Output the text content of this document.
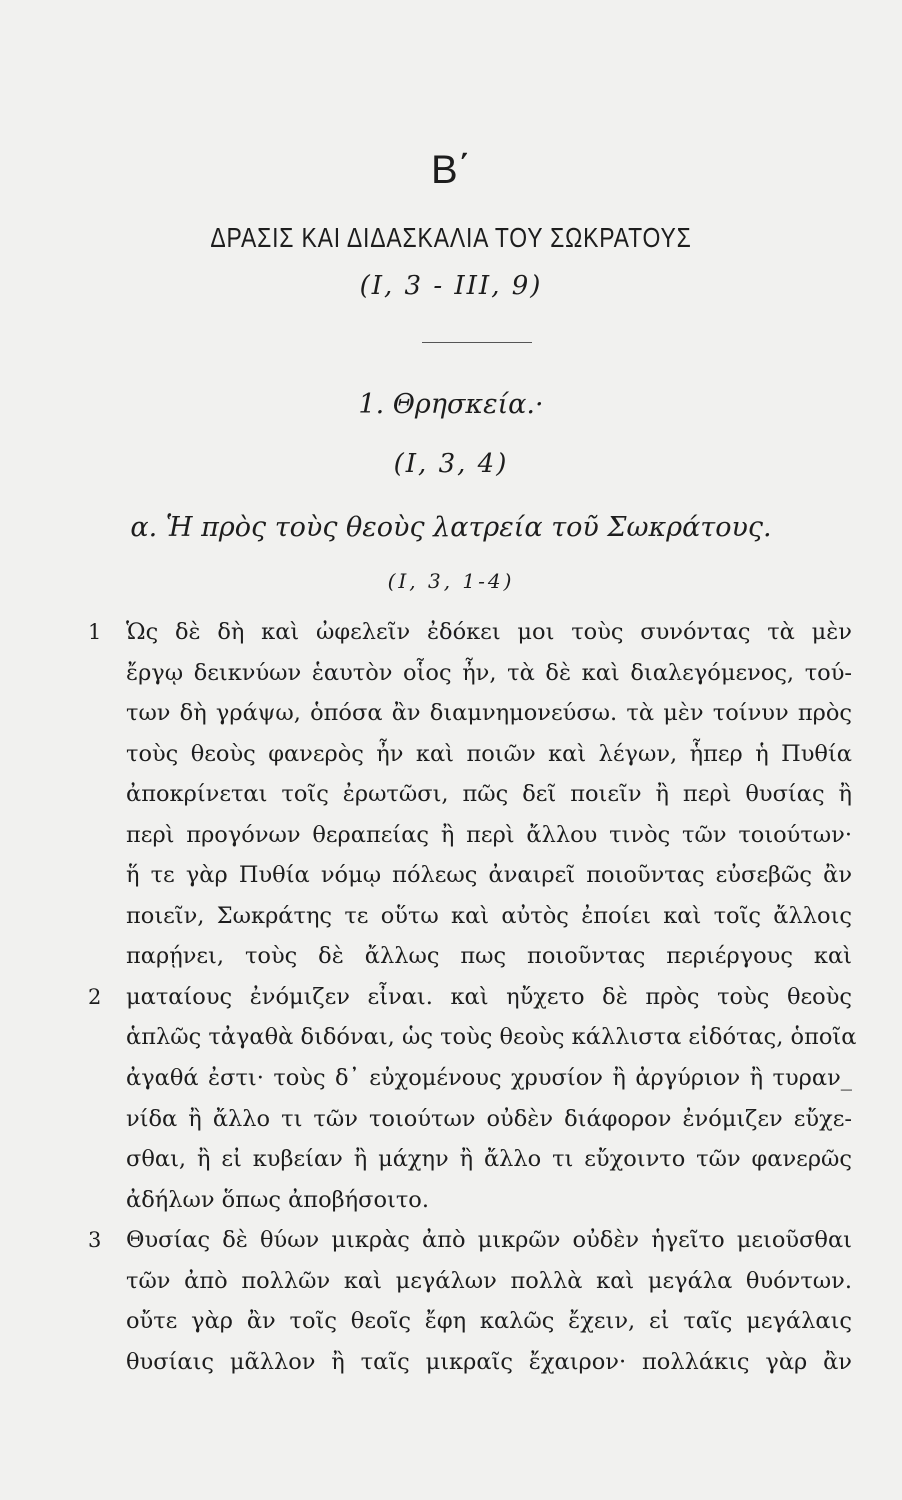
Β΄
ΔΡΑΣΙΣ ΚΑΙ ΔΙΔΑΣΚΑΛΙΑ ΤΟΥ ΣΩΚΡΑΤΟΥΣ
(Ι, 3 - ΙΙΙ, 9)
1. Θρησκεία.·
(Ι, 3, 4)
α. Ἡ πρὸς τοὺς θεοὺς λατρεία τοῦ Σωκράτους.
(Ι, 3, 1-4)
1
2
3
Ὡς δὲ δὴ καὶ ὠφελεῖν ἐδόκει μοι τοὺς συνόντας τὰ μὲν
ἔργῳ δεικνύων ἑαυτὸν οἷος ἦν, τὰ δὲ καὶ διαλεγόμενος, τού-
των δὴ γράψω, ὁπόσα ἂν διαμνημονεύσω. τὰ μὲν τοίνυν πρὸς
τοὺς θεοὺς φανερὸς ἦν καὶ ποιῶν καὶ λέγων, ἧπερ ἡ Πυθία
ἀποκρίνεται τοῖς ἐρωτῶσι, πῶς δεῖ ποιεῖν ἢ περὶ θυσίας ἢ
περὶ προγόνων θεραπείας ἢ περὶ ἄλλου τινὸς τῶν τοιούτων·
ἥ τε γὰρ Πυθία νόμῳ πόλεως ἀναιρεῖ ποιοῦντας εὐσεβῶς ἂν
ποιεῖν, Σωκράτης τε οὕτω καὶ αὐτὸς ἐποίει καὶ τοῖς ἄλλοις
παρῄνει, τοὺς δὲ ἄλλως πως ποιοῦντας περιέργους καὶ
ματαίους ἐνόμιζεν εἶναι. καὶ ηὔχετο δὲ πρὸς τοὺς θεοὺς
ἁπλῶς τἀγαθὰ διδόναι, ὡς τοὺς θεοὺς κάλλιστα εἰδότας, ὁποῖα
ἀγαθά ἐστι· τοὺς δ᾽ εὐχομένους χρυσίον ἢ ἀργύριον ἢ τυραν_
νίδα ἢ ἄλλο τι τῶν τοιούτων οὐδὲν διάφορον ἐνόμιζεν εὔχε-
σθαι, ἢ εἰ κυβείαν ἢ μάχην ἢ ἄλλο τι εὔχοιντο τῶν φανερῶς
ἀδήλων ὅπως ἀποβήσοιτο.
Θυσίας δὲ θύων μικρὰς ἀπὸ μικρῶν οὐδὲν ἡγεῖτο μειοῦσθαι
τῶν ἀπὸ πολλῶν καὶ μεγάλων πολλὰ καὶ μεγάλα θυόντων.
οὔτε γὰρ ἂν τοῖς θεοῖς ἔφη καλῶς ἔχειν, εἰ ταῖς μεγάλαις
θυσίαις μᾶλλον ἢ ταῖς μικραῖς ἔχαιρον· πολλάκις γὰρ ἂν
